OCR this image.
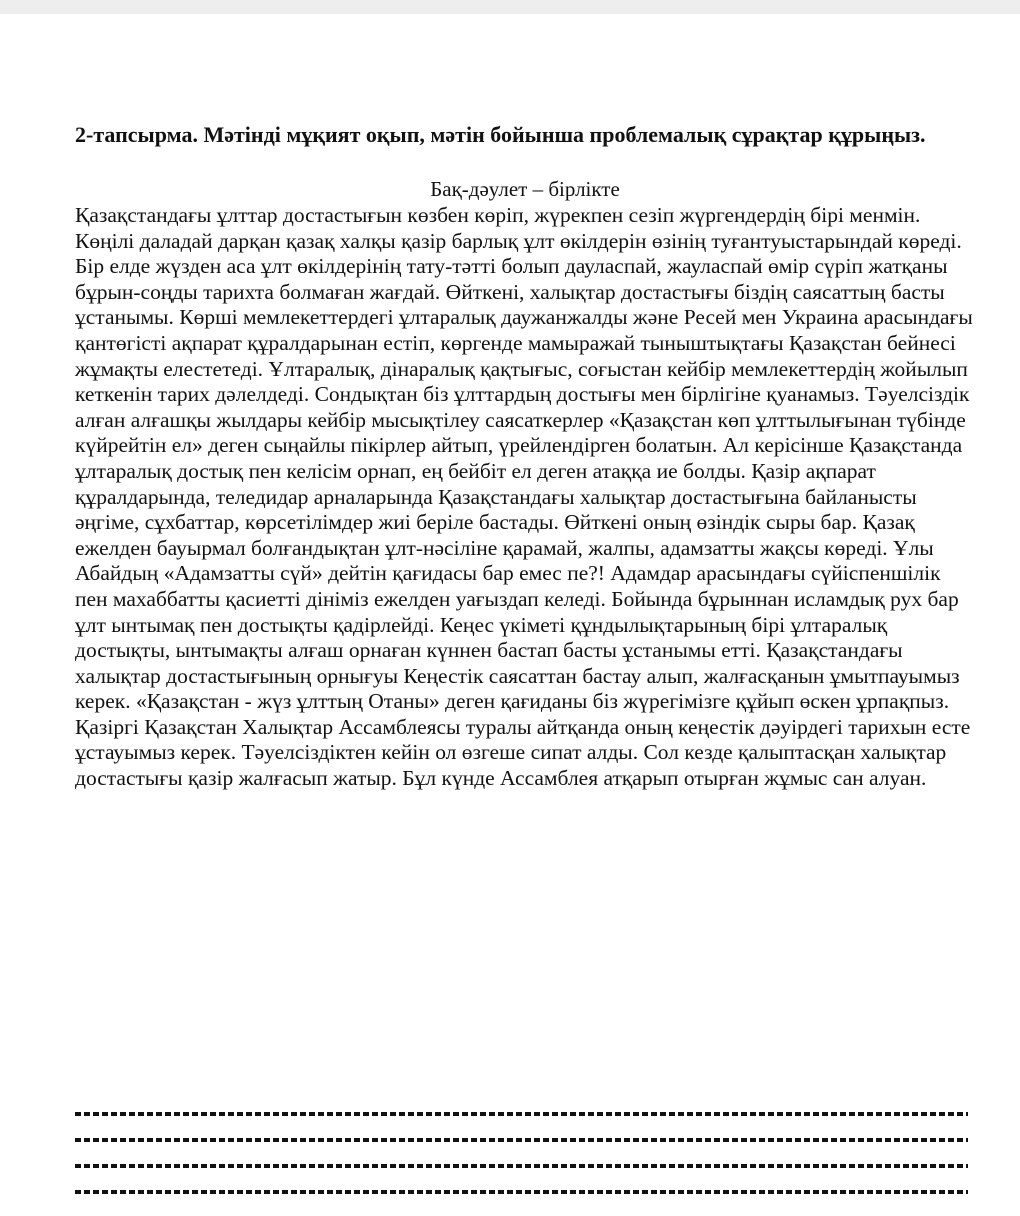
2-тапсырма. Мәтінді мұқият оқып, мәтін бойынша проблемалық сұрақтар құрыңыз.
Бақ-дәулет – бірлікте
Қазақстандағы ұлттар достастығын көзбен көріп, жүрекпен сезіп жүргендердің бірі менмін. Көңілі даладай дарқан қазақ халқы қазір барлық ұлт өкілдерін өзінің туғантуыстарындай көреді. Бір елде жүзден аса ұлт өкілдерінің тату-тәтті болып дауласпай, жауласпай өмір сүріп жатқаны бұрын-соңды тарихта болмаған жағдай. Өйткені, халықтар достастығы біздің саясаттың басты ұстанымы. Көрші мемлекеттердегі ұлтаралық даужанжалды және Ресей мен Украина арасындағы қантөгісті ақпарат құралдарынан естіп, көргенде мамыражай тыныштықтағы Қазақстан бейнесі жұмақты елестетеді. Ұлтаралық, дінаралық қақтығыс, соғыстан кейбір мемлекеттердің жойылып кеткенін тарих дәлелдеді. Сондықтан біз ұлттардың достығы мен бірлігіне қуанамыз. Тәуелсіздік алған алғашқы жылдары кейбір мысықтілеу саясаткерлер «Қазақстан көп ұлттылығынан түбінде күйрейтін ел» деген сыңайлы пікірлер айтып, үрейлендірген болатын. Ал керісінше Қазақстанда ұлтаралық достық пен келісім орнап, ең бейбіт ел деген атаққа ие болды. Қазір ақпарат құралдарында, теледидар арналарында Қазақстандағы халықтар достастығына байланысты әңгіме, сұхбаттар, көрсетілімдер жиі беріле бастады. Өйткені оның өзіндік сыры бар. Қазақ ежелден бауырмал болғандықтан ұлт-нәсіліне қарамай, жалпы, адамзатты жақсы көреді. Ұлы Абайдың «Адамзатты сүй» дейтін қағидасы бар емес пе?! Адамдар арасындағы сүйіспеншілік пен махаббатты қасиетті дініміз ежелден уағыздап келеді. Бойында бұрыннан исламдық рух бар ұлт ынтымақ пен достықты қадірлейді. Кеңес үкіметі құндылықтарының бірі ұлтаралық достықты, ынтымақты алғаш орнаған күннен бастап басты ұстанымы етті. Қазақстандағы халықтар достастығының орнығуы Кеңестік саясаттан бастау алып, жалғасқанын ұмытпауымыз керек. «Қазақстан - жүз ұлттың Отаны» деген қағиданы біз жүрегімізге құйып өскен ұрпақпыз. Қазіргі Қазақстан Халықтар Ассамблеясы туралы айтқанда оның кеңестік дәуірдегі тарихын есте ұстауымыз керек. Тәуелсіздіктен кейін ол өзгеше сипат алды. Сол кезде қалыптасқан халықтар достастығы қазір жалғасып жатыр. Бұл күнде Ассамблея атқарып отырған жұмыс сан алуан.
